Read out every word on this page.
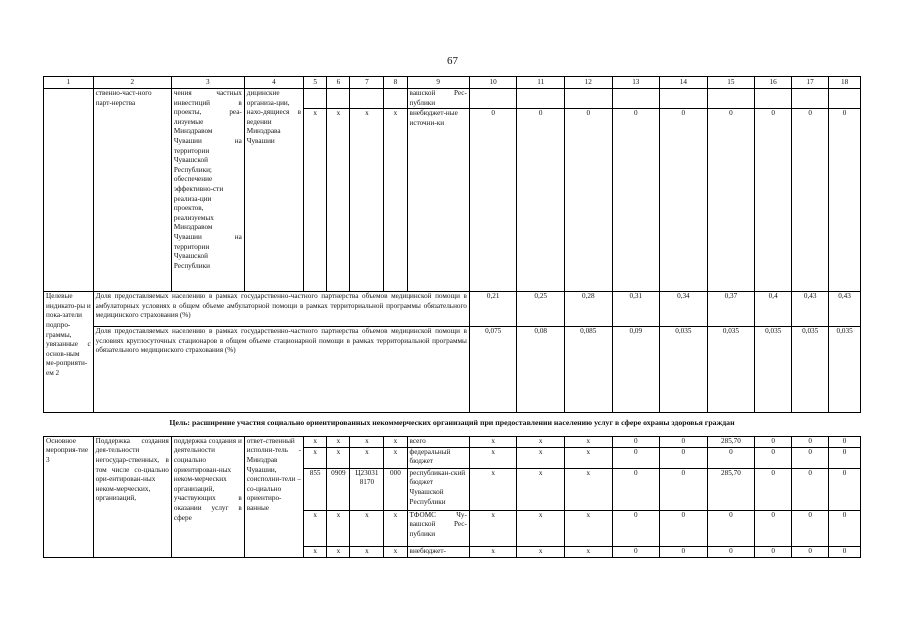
67
1	2	3	4	5	6	7	8	9	10	11	12	13	14	15	16	17	18
	ственно-част-ного парт-нерства	чения частных инвестиций в проекты, реа-лизуемые Минздравом Чувашии на территории Чувашской Республики; обеспечение эффективно-сти реализа-ции проектов, реализуемых Минздравом Чувашии на территории Чувашской Республики	дицинские организа-ции, нахо-дящиеся в ведении Минздрава Чувашии					вашской Рес-публики									
				x	x	x	x	внебюджет-ные источни-ки	0	0	0	0	0	0	0	0	0
Целевые индикато-ры и пока-затели подпро-граммы, увязанные с основ-ным ме-роприяти-ем 2	Доля предоставляемых населению в рамках государственно-частного партнерства объемов медицинской помощи в амбулаторных условиях в общем объеме амбулаторной помощи в рамках территориальной программы обязательного медицинского страхования (%)								0,21	0,25	0,28	0,31	0,34	0,37	0,4	0,43	0,43
	Доля предоставляемых населению в рамках государственно-частного партнерства объемов медицинской помощи в условиях круглосуточных стационаров в общем объеме стационарной помощи в рамках территориальной программы обязательного медицинского страхования (%)								0,075	0,08	0,085	0,09	0,035	0,035	0,035	0,035	0,035
Цель: расширение участия социально ориентированных некоммерческих организаций при предоставлении населению услуг в сфере охраны здоровья граждан																	
Основное мероприя-тие 3	Поддержка создания дея-тельности негосудар-ственных, в том числе со-циально ори-ентирован-ных неком-мерческих, организаций,	поддержка создания и деятельности социально ориентирован-ных неком-мерческих организаций, участвующих в оказании услуг в сфере	ответ-ственный исполни-тель - Минздрав Чувашии, соисполни-тели – со-циально ориентиро-ванные	x	x	x	x	всего	x	x	x	0	0	285,70	0	0	0
				x	x	x	x	федеральный бюджет	x	x	x	0	0	0	0	0	0
				855	0909	Ц23031 8170	000	республикан-ский бюджет Чувашской Республики	x	x	x	0	0	285,70	0	0	0
				x	x	x	x	ТФОМС Чу-вашской Рес-публики	x	x	x	0	0	0	0	0	0
				x	x	x	x	внебюджет-	x	x	x	0	0	0	0	0	0
